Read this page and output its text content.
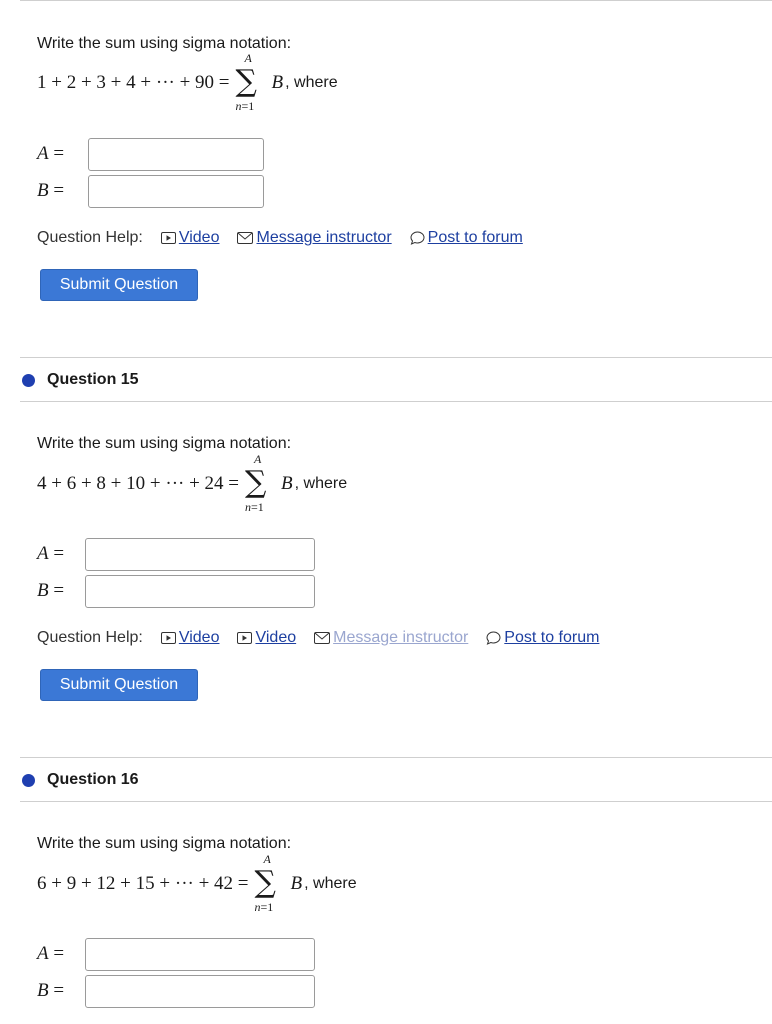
Write the sum using sigma notation:
1 + 2 + 3 + 4 + ··· + 90 = ∑
A
n=1
B , where
A =
B =
Question Help: Video Message instructor Post to forum
Submit Question
Question 15
Write the sum using sigma notation:
4 + 6 + 8 + 10 + ··· + 24 = ∑
A
n=1
B , where
A =
B =
Question Help: Video Video Message instructor Post to forum
Submit Question
Question 16
Write the sum using sigma notation:
6 + 9 + 12 + 15 + ··· + 42 = ∑
A
n=1
B , where
A =
B =
